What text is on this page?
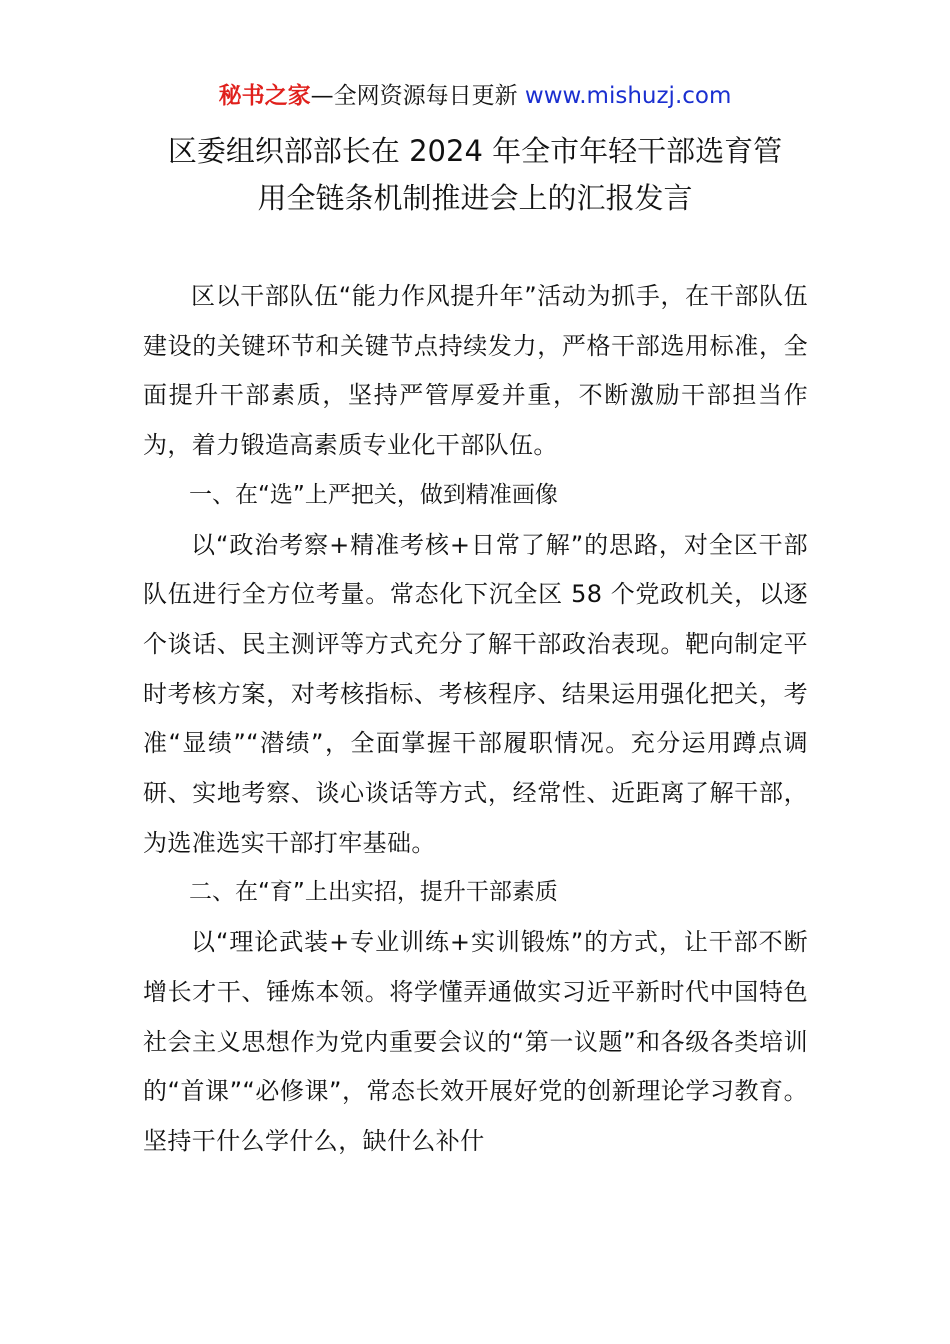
秘书之家—全网资源每日更新 www.mishuzj.com
区委组织部部长在 2024 年全市年轻干部选育管
用全链条机制推进会上的汇报发言

区以干部队伍“能力作风提升年”活动为抓手，在干部队伍建设的关键环节和关键节点持续发力，严格干部选用标准，全面提升干部素质，坚持严管厚爱并重，不断激励干部担当作为，着力锻造高素质专业化干部队伍。

一、在“选”上严把关，做到精准画像

以“政治考察+精准考核+日常了解”的思路，对全区干部队伍进行全方位考量。常态化下沉全区 58 个党政机关，以逐个谈话、民主测评等方式充分了解干部政治表现。靶向制定平时考核方案，对考核指标、考核程序、结果运用强化把关，考准“显绩”“潜绩”，全面掌握干部履职情况。充分运用蹲点调研、实地考察、谈心谈话等方式，经常性、近距离了解干部，为选准选实干部打牢基础。

二、在“育”上出实招，提升干部素质

以“理论武装+专业训练+实训锻炼”的方式，让干部不断增长才干、锤炼本领。将学懂弄通做实习近平新时代中国特色社会主义思想作为党内重要会议的“第一议题”和各级各类培训的“首课”“必修课”，常态长效开展好党的创新理论学习教育。坚持干什么学什么，缺什么补什
